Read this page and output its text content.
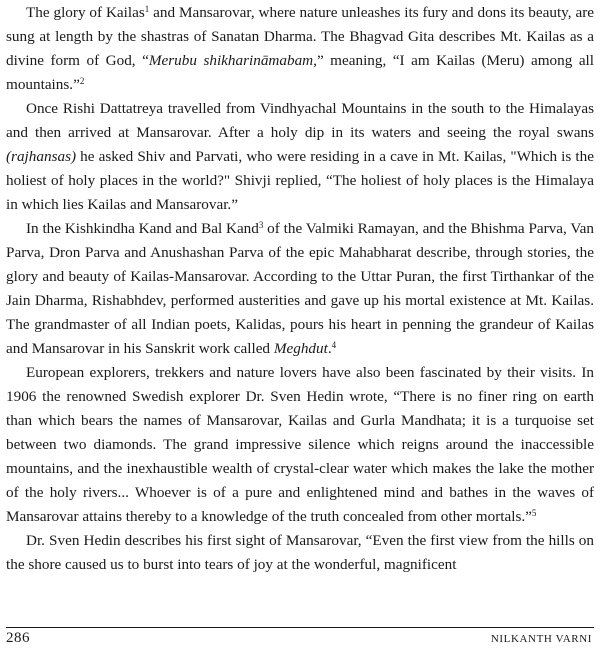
The glory of Kailas$^1$ and Mansarovar, where nature unleashes its fury and dons its beauty, are sung at length by the shastras of Sanatan Dharma. The Bhagvad Gita describes Mt. Kailas as a divine form of God, “Merubu shikharināmabam,” meaning, “I am Kailas (Meru) among all mountains.”$^2$

Once Rishi Dattatreya travelled from Vindhyachal Mountains in the south to the Himalayas and then arrived at Mansarovar. After a holy dip in its waters and seeing the royal swans (rajhansas) he asked Shiv and Parvati, who were residing in a cave in Mt. Kailas, "Which is the holiest of holy places in the world?" Shivji replied, “The holiest of holy places is the Himalaya in which lies Kailas and Mansarovar.”

In the Kishkindha Kand and Bal Kand$^3$ of the Valmiki Ramayan, and the Bhishma Parva, Van Parva, Dron Parva and Anushashan Parva of the epic Mahabharat describe, through stories, the glory and beauty of Kailas-Mansarovar. According to the Uttar Puran, the first Tirthankar of the Jain Dharma, Rishabhdev, performed austerities and gave up his mortal existence at Mt. Kailas. The grandmaster of all Indian poets, Kalidas, pours his heart in penning the grandeur of Kailas and Mansarovar in his Sanskrit work called Meghdut.$^4$

European explorers, trekkers and nature lovers have also been fascinated by their visits. In 1906 the renowned Swedish explorer Dr. Sven Hedin wrote, “There is no finer ring on earth than which bears the names of Mansarovar, Kailas and Gurla Mandhata; it is a turquoise set between two diamonds. The grand impressive silence which reigns around the inaccessible mountains, and the inexhaustible wealth of crystal-clear water which makes the lake the mother of the holy rivers... Whoever is of a pure and enlightened mind and bathes in the waves of Mansarovar attains thereby to a knowledge of the truth concealed from other mortals.”$^5$

Dr. Sven Hedin describes his first sight of Mansarovar, “Even the first view from the hills on the shore caused us to burst into tears of joy at the wonderful, magnificent

286	NILKANTH VARNI
